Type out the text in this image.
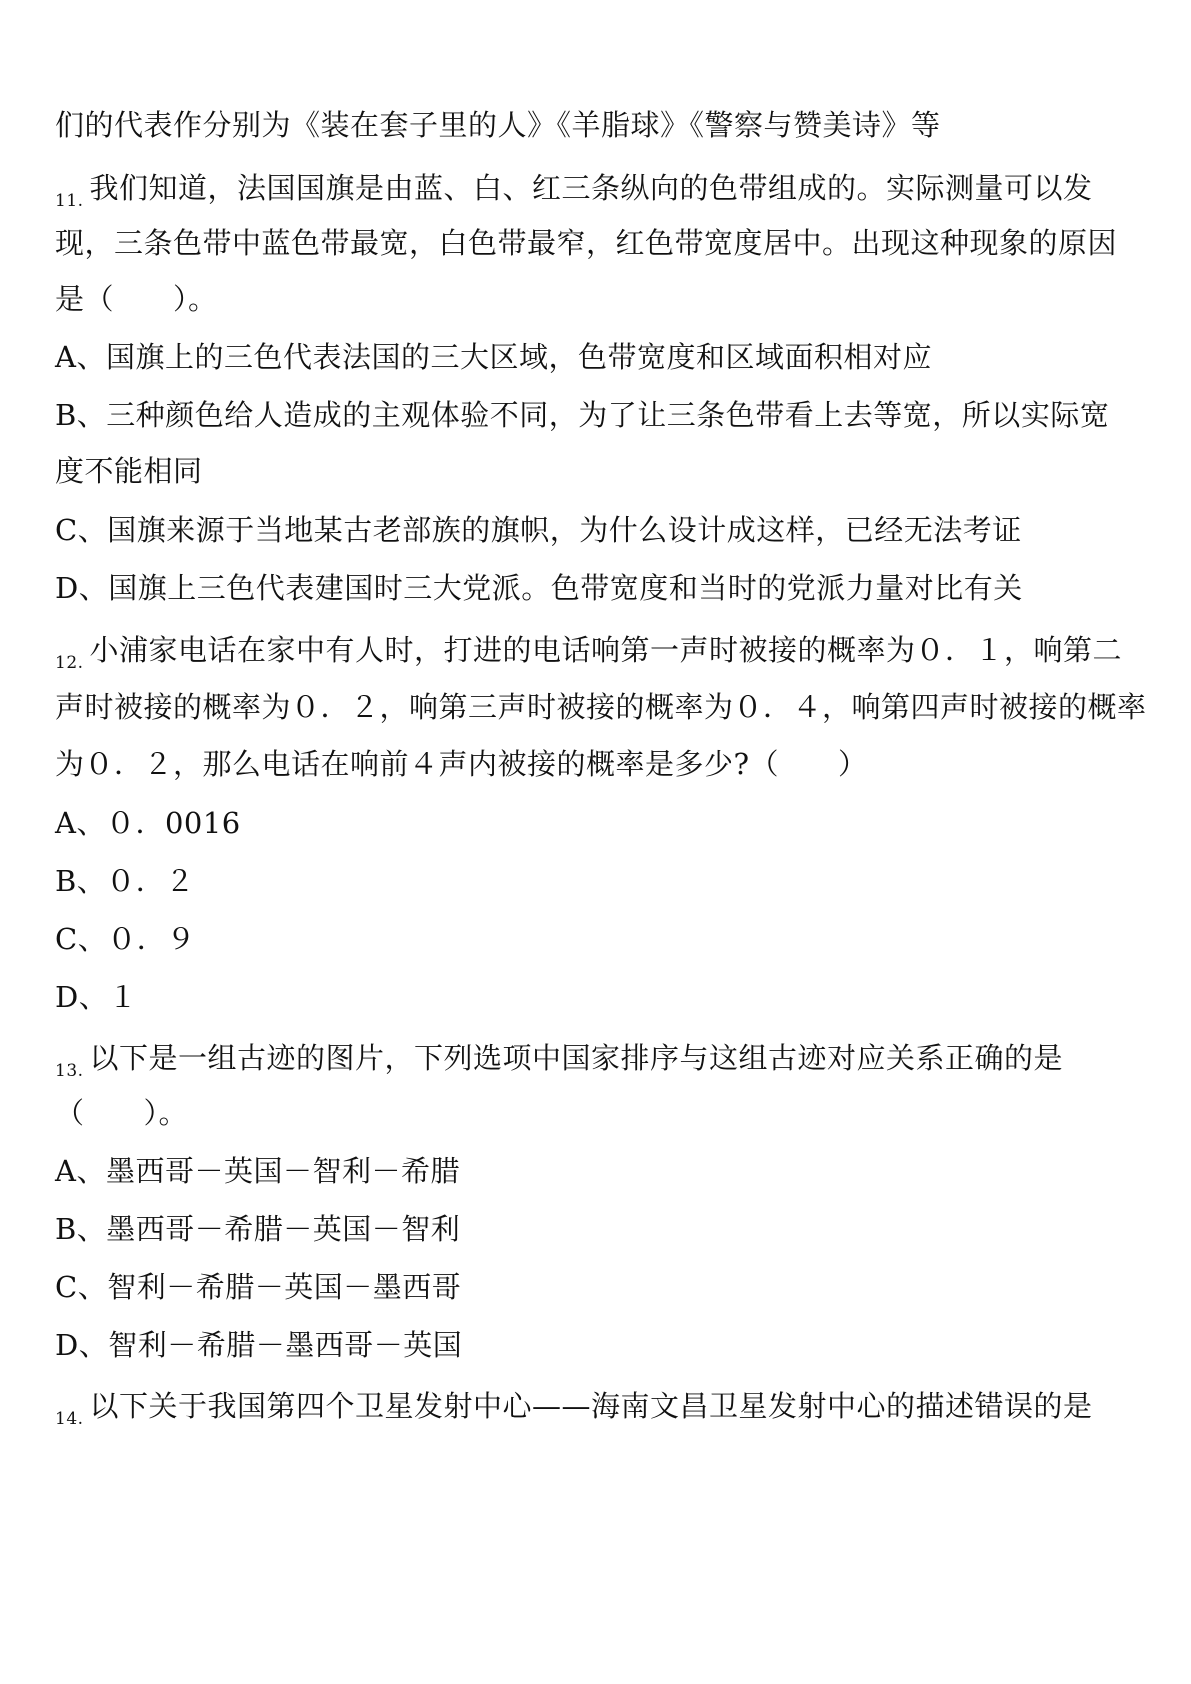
们的代表作分别为《装在套子里的人》《羊脂球》《警察与赞美诗》等
11. 我们知道，法国国旗是由蓝、白、红三条纵向的色带组成的。实际测量可以发
现，三条色带中蓝色带最宽，白色带最窄，红色带宽度居中。出现这种现象的原因
是（　　）。
A、国旗上的三色代表法国的三大区域，色带宽度和区域面积相对应
B、三种颜色给人造成的主观体验不同，为了让三条色带看上去等宽，所以实际宽
度不能相同
C、国旗来源于当地某古老部族的旗帜，为什么设计成这样，已经无法考证
D、国旗上三色代表建国时三大党派。色带宽度和当时的党派力量对比有关
12. 小浦家电话在家中有人时，打进的电话响第一声时被接的概率为０．１，响第二
声时被接的概率为０．２，响第三声时被接的概率为０．４，响第四声时被接的概率
为０．２，那么电话在响前４声内被接的概率是多少?（　　）
A、０．0016
B、０．２
C、０．９
D、１
13. 以下是一组古迹的图片，下列选项中国家排序与这组古迹对应关系正确的是
（　　）。
A、墨西哥－英国－智利－希腊
B、墨西哥－希腊－英国－智利
C、智利－希腊－英国－墨西哥
D、智利－希腊－墨西哥－英国
14. 以下关于我国第四个卫星发射中心——海南文昌卫星发射中心的描述错误的是
